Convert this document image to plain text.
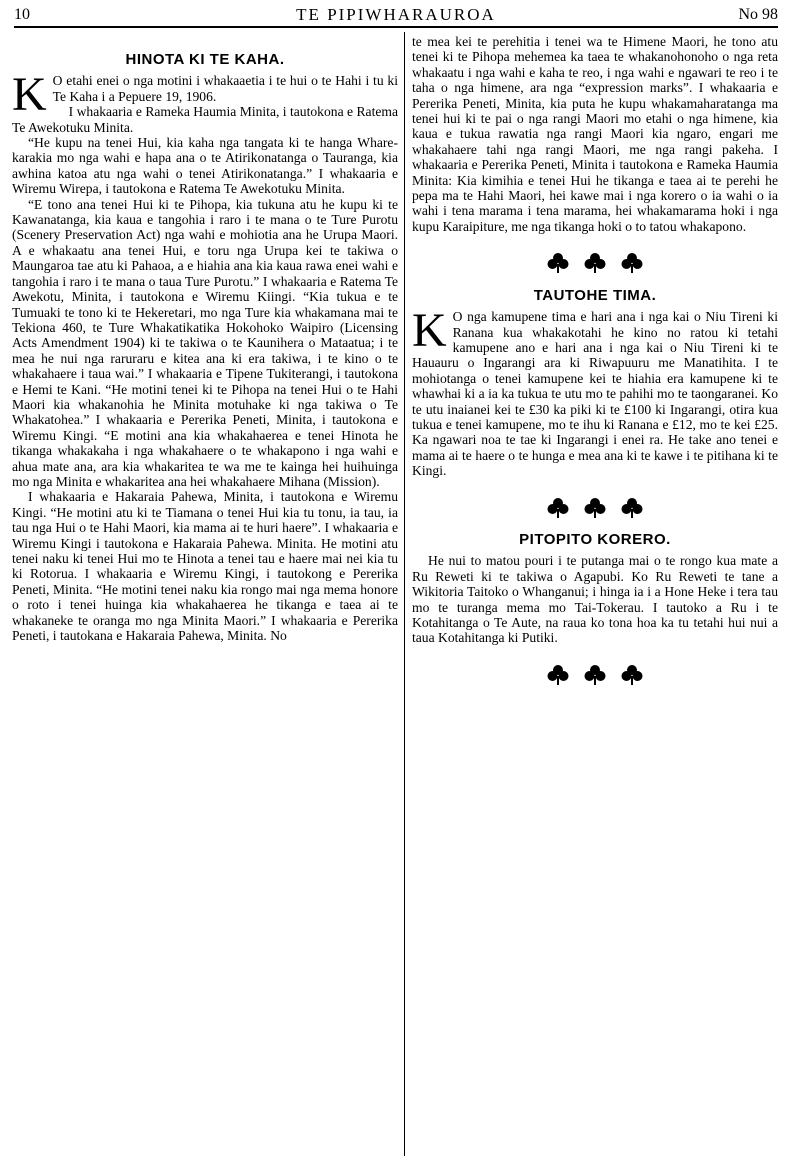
10	TE PIPIWHARAUROA	No 98
HINOTA KI TE KAHA.

K O etahi enei o nga motini i whakaaetia i te hui o te Hahi i tu ki Te Kaha i a Pepuere 19, 1906.

I whakaaria e Rameka Haumia Minita, i tautokona e Ratema Te Awekotuku Minita.

“He kupu na tenei Hui, kia kaha nga tangata ki te hanga Whare-karakia mo nga wahi e hapa ana o te Atirikonatanga o Tauranga, kia awhina katoa atu nga wahi o tenei Atirikonatanga.” I whakaaria e Wiremu Wirepa, i tautokona e Ratema Te Awekotuku Minita.

“E tono ana tenei Hui ki te Pihopa, kia tukuna atu he kupu ki te Kawanatanga, kia kaua e tangohia i raro i te mana o te Ture Purotu (Scenery Preservation Act) nga wahi e mohiotia ana he Urupa Maori. A e whakaatu ana tenei Hui, e toru nga Urupa kei te takiwa o Maungaroa tae atu ki Pahaoa, a e hiahia ana kia kaua rawa enei wahi e tangohia i raro i te mana o taua Ture Purotu.” I whakaaria e Ratema Te Awekotu, Minita, i tautokona e Wiremu Kiingi. “Kia tukua e te Tumuaki te tono ki te Hekeretari, mo nga Ture kia whakamana mai te Tekiona 460, te Ture Whakatikatika Hokohoko Waipiro (Licensing Acts Amendment 1904) ki te takiwa o te Kaunihera o Mataatua; i te mea he nui nga raruraru e kitea ana ki era takiwa, i te kino o te whakahaere i taua wai.” I whakaaria e Tipene Tukiterangi, i tautokona e Hemi te Kani. “He motini tenei ki te Pihopa na tenei Hui o te Hahi Maori kia whakanohia he Minita motuhake ki nga takiwa o Te Whakatohea.” I whakaaria e Pererika Peneti, Minita, i tautokona e Wiremu Kingi. “E motini ana kia whakahaerea e tenei Hinota he tikanga whakakaha i nga whakahaere o te whakapono i nga wahi e ahua mate ana, ara kia whakaritea te wa me te kainga hei huihuinga mo nga Minita e whakaritea ana hei whakahaere Mihana (Mission).

I whakaaria e Hakaraia Pahewa, Minita, i tautokona e Wiremu Kingi. “He motini atu ki te Tiamana o tenei Hui kia tu tonu, ia tau, ia tau nga Hui o te Hahi Maori, kia mama ai te huri haere”. I whakaaria e Wiremu Kingi i tautokona e Hakaraia Pahewa. Minita. He motini atu tenei naku ki tenei Hui mo te Hinota a tenei tau e haere mai nei kia tu ki Rotorua. I whakaaria e Wiremu Kingi, i tautokong e Pererika Peneti, Minita. “He motini tenei naku kia rongo mai nga mema honore o roto i tenei huinga kia whakahaerea he tikanga e taea ai te whakaneke te oranga mo nga Minita Maori.” I whakaaria e Pererika Peneti, i tautokana e Hakaraia Pahewa, Minita. No

te mea kei te perehitia i tenei wa te Himene Maori, he tono atu tenei ki te Pihopa mehemea ka taea te whakanohonoho o nga reta whakaatu i nga wahi e kaha te reo, i nga wahi e ngawari te reo i te taha o nga himene, ara nga “expression marks”. I whakaaria e Pererika Peneti, Minita, kia puta he kupu whakamaharatanga ma tenei hui ki te pai o nga rangi Maori mo etahi o nga himene, kia kaua e tukua rawatia nga rangi Maori kia ngaro, engari me whakahaere tahi nga rangi Maori, me nga rangi pakeha. I whakaaria e Pererika Peneti, Minita i tautokona e Rameka Haumia Minita: Kia kimihia e tenei Hui he tikanga e taea ai te perehi he pepa ma te Hahi Maori, hei kawe mai i nga korero o ia wahi o ia wahi i tena marama i tena marama, hei whakamarama hoki i nga kupu Karaipiture, me nga tikanga hoki o to tatou whakapono.

TAUTOHE TIMA.

K O nga kamupene tima e hari ana i nga kai o Niu Tireni ki Ranana kua whakakotahi he kino no ratou ki tetahi kamupene ano e hari ana i nga kai o Niu Tireni ki te Hauauru o Ingarangi ara ki Riwapuuru me Manatihita. I te mohiotanga o tenei kamupene kei te hiahia era kamupene ki te whawhai ki a ia ka tukua te utu mo te pahihi mo te taongaranei. Ko te utu inaianei kei te £30 ka piki ki te £100 ki Ingarangi, otira kua tukua e tenei kamupene, mo te ihu ki Ranana e £12, mo te kei £25. Ka ngawari noa te tae ki Ingarangi i enei ra. He take ano tenei e mama ai te haere o te hunga e mea ana ki te kawe i te pitihana ki te Kingi.

PITOPITO KORERO.

He nui to matou pouri i te putanga mai o te rongo kua mate a Ru Reweti ki te takiwa o Agapubi. Ko Ru Reweti te tane a Wikitoria Taitoko o Whanganui; i hinga ia i a Hone Heke i tera tau mo te turanga mema mo Tai-Tokerau. I tautoko a Ru i te Kotahitanga o Te Aute, na raua ko tona hoa ka tu tetahi hui nui a taua Kotahitanga ki Putiki.
